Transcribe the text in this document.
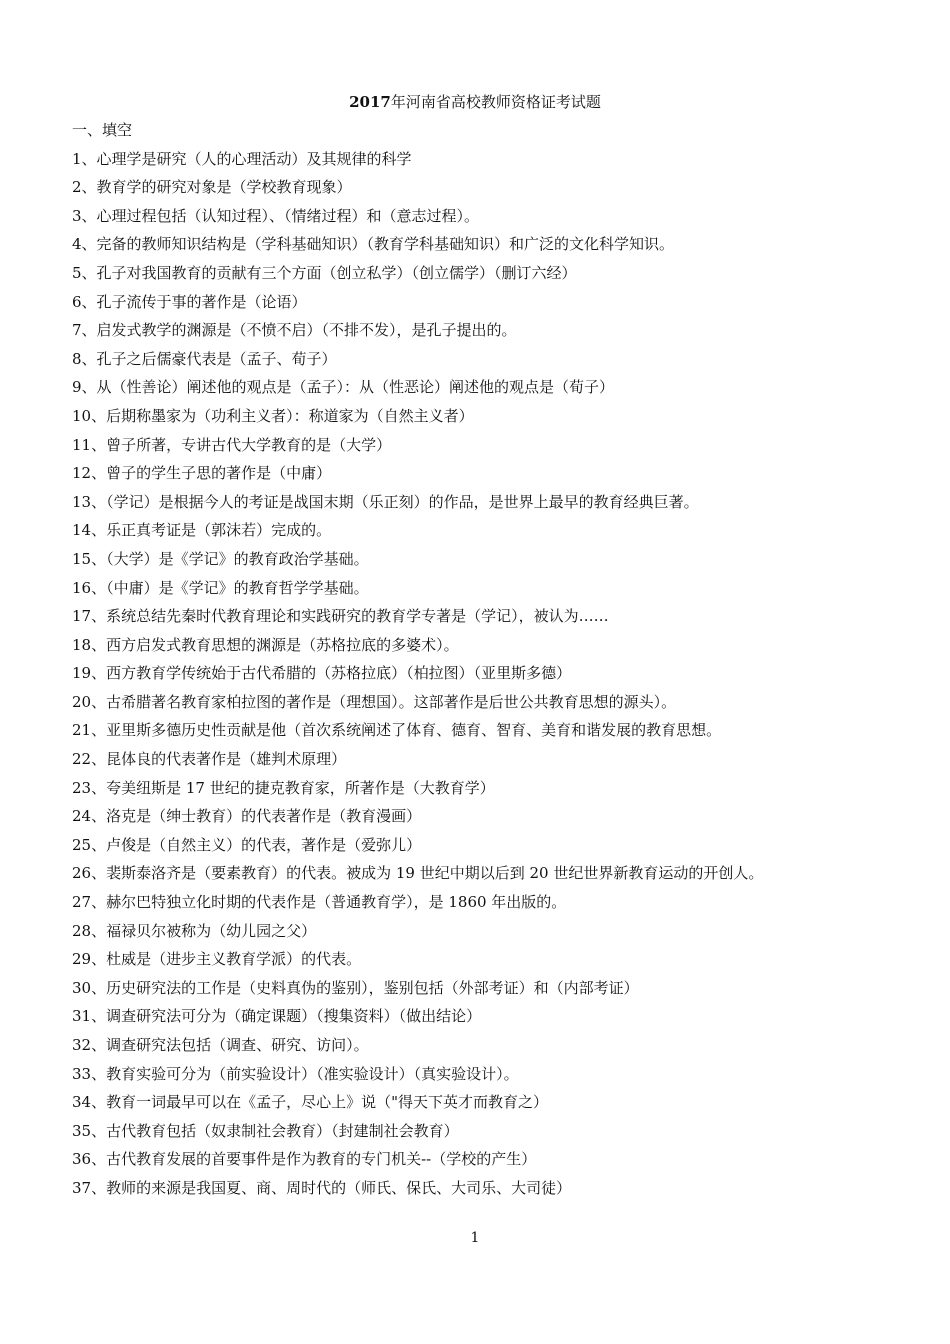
2017年河南省高校教师资格证考试题

一、填空

1、心理学是研究（人的心理活动）及其规律的科学
2、教育学的研究对象是（学校教育现象）
3、心理过程包括（认知过程）、（情绪过程）和（意志过程）。
4、完备的教师知识结构是（学科基础知识）（教育学科基础知识）和广泛的文化科学知识。
5、孔子对我国教育的贡献有三个方面（创立私学）（创立儒学）（删订六经）
6、孔子流传于事的著作是（论语）
7、启发式教学的渊源是（不愤不启）（不排不发），是孔子提出的。
8、孔子之后儒豪代表是（孟子、荀子）
9、从（性善论）阐述他的观点是（孟子）：从（性恶论）阐述他的观点是（荀子）
10、后期称墨家为（功利主义者）：称道家为（自然主义者）
11、曾子所著，专讲古代大学教育的是（大学）
12、曾子的学生子思的著作是（中庸）
13、（学记）是根据今人的考证是战国末期（乐正刻）的作品，是世界上最早的教育经典巨著。
14、乐正真考证是（郭沫若）完成的。
15、（大学）是《学记》的教育政治学基础。
16、（中庸）是《学记》的教育哲学学基础。
17、系统总结先秦时代教育理论和实践研究的教育学专著是（学记），被认为……
18、西方启发式教育思想的渊源是（苏格拉底的多婆术）。
19、西方教育学传统始于古代希腊的（苏格拉底）（柏拉图）（亚里斯多德）
20、古希腊著名教育家柏拉图的著作是（理想国）。这部著作是后世公共教育思想的源头）。
21、亚里斯多德历史性贡献是他（首次系统阐述了体育、德育、智育、美育和谐发展的教育思想。
22、昆体良的代表著作是（雄判术原理）
23、夸美纽斯是 17 世纪的捷克教育家，所著作是（大教育学）
24、洛克是（绅士教育）的代表著作是（教育漫画）
25、卢俊是（自然主义）的代表，著作是（爱弥儿）
26、裴斯泰洛齐是（要素教育）的代表。被成为 19 世纪中期以后到 20 世纪世界新教育运动的开创人。
27、赫尔巴特独立化时期的代表作是（普通教育学），是 1860 年出版的。
28、福禄贝尔被称为（幼儿园之父）
29、杜威是（进步主义教育学派）的代表。
30、历史研究法的工作是（史料真伪的鉴别），鉴别包括（外部考证）和（内部考证）
31、调查研究法可分为（确定课题）（搜集资料）（做出结论）
32、调查研究法包括（调查、研究、访问）。
33、教育实验可分为（前实验设计）（准实验设计）（真实验设计）。
34、教育一词最早可以在《孟子，尽心上》说（"得天下英才而教育之）
35、古代教育包括（奴隶制社会教育）（封建制社会教育）
36、古代教育发展的首要事件是作为教育的专门机关--（学校的产生）
37、教师的来源是我国夏、商、周时代的（师氏、保氏、大司乐、大司徒）
1
